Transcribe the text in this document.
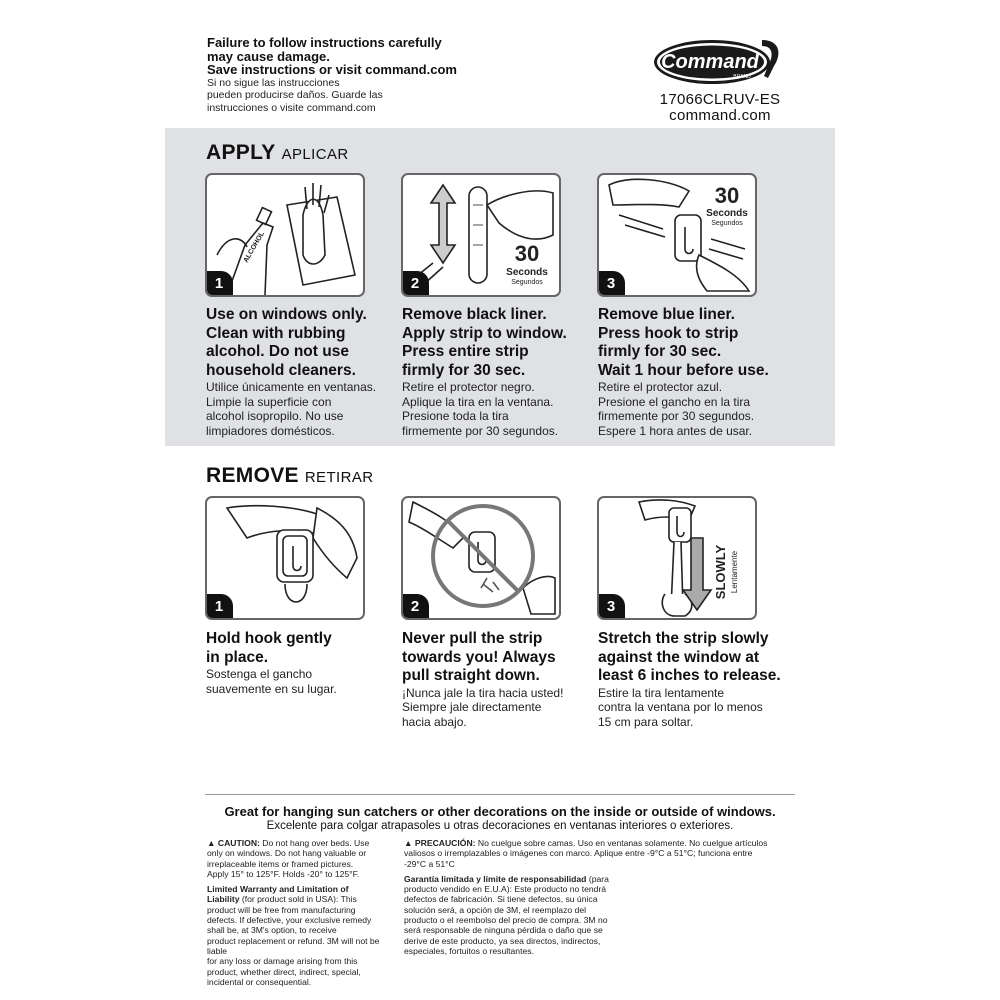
Failure to follow instructions carefully
may cause damage.
Save instructions or visit command.com
Si no sigue las instrucciones
pueden producirse daños. Guarde las
instrucciones o visite command.com
Command
BRAND
17066CLRUV-ES
command.com
APPLY APLICAR
ALCOHOL
1
30
Seconds
Segundos
2
30
Seconds
Segundos
3
Use on windows only.
Clean with rubbing
alcohol. Do not use
household cleaners.
Utilice únicamente en ventanas.
Limpie la superficie con
alcohol isopropilo. No use
limpiadores domésticos.
Remove black liner.
Apply strip to window.
Press entire strip
firmly for 30 sec.
Retire el protector negro.
Aplique la tira en la ventana.
Presione toda la tira
firmemente por 30 segundos.
Remove blue liner.
Press hook to strip
firmly for 30 sec.
Wait 1 hour before use.
Retire el protector azul.
Presione el gancho en la tira
firmemente por 30 segundos.
Espere 1 hora antes de usar.
REMOVE RETIRAR
1	2
SLOWLY Lentamente
3
Hold hook gently
in place.
Sostenga el gancho
suavemente en su lugar.
Never pull the strip
towards you! Always
pull straight down.
¡Nunca jale la tira hacia usted!
Siempre jale directamente
hacia abajo.
Stretch the strip slowly
against the window at
least 6 inches to release.
Estire la tira lentamente
contra la ventana por lo menos
15 cm para soltar.
Great for hanging sun catchers or other decorations on the inside or outside of windows.
Excelente para colgar atrapasoles u otras decoraciones en ventanas interiores o exteriores.
▲ CAUTION: Do not hang over beds. Use
only on windows. Do not hang valuable or
irreplaceable items or framed pictures.
Apply 15° to 125°F. Holds -20° to 125°F.
Limited Warranty and Limitation of
Liability (for product sold in USA): This
product will be free from manufacturing
defects. If defective, your exclusive remedy
shall be, at 3M's option, to receive
product replacement or refund. 3M will not be liable
for any loss or damage arising from this
product, whether direct, indirect, special,
incidental or consequential.
▲ PRECAUCIÓN: No cuelgue sobre camas. Uso en ventanas solamente. No cuelgue artículos
valiosos o irremplazables o imágenes con marco. Aplique entre -9°C a 51°C; funciona entre
-29°C a 51°C
Garantía limitada y límite de responsabilidad (para
producto vendido en E.U.A): Este producto no tendrá
defectos de fabricación. Si tiene defectos, su única
solución será, a opción de 3M, el reemplazo del
producto o el reembolso del precio de compra. 3M no
será responsable de ninguna pérdida o daño que se
derive de este producto, ya sea directos, indirectos,
especiales, fortuitos o resultantes.
